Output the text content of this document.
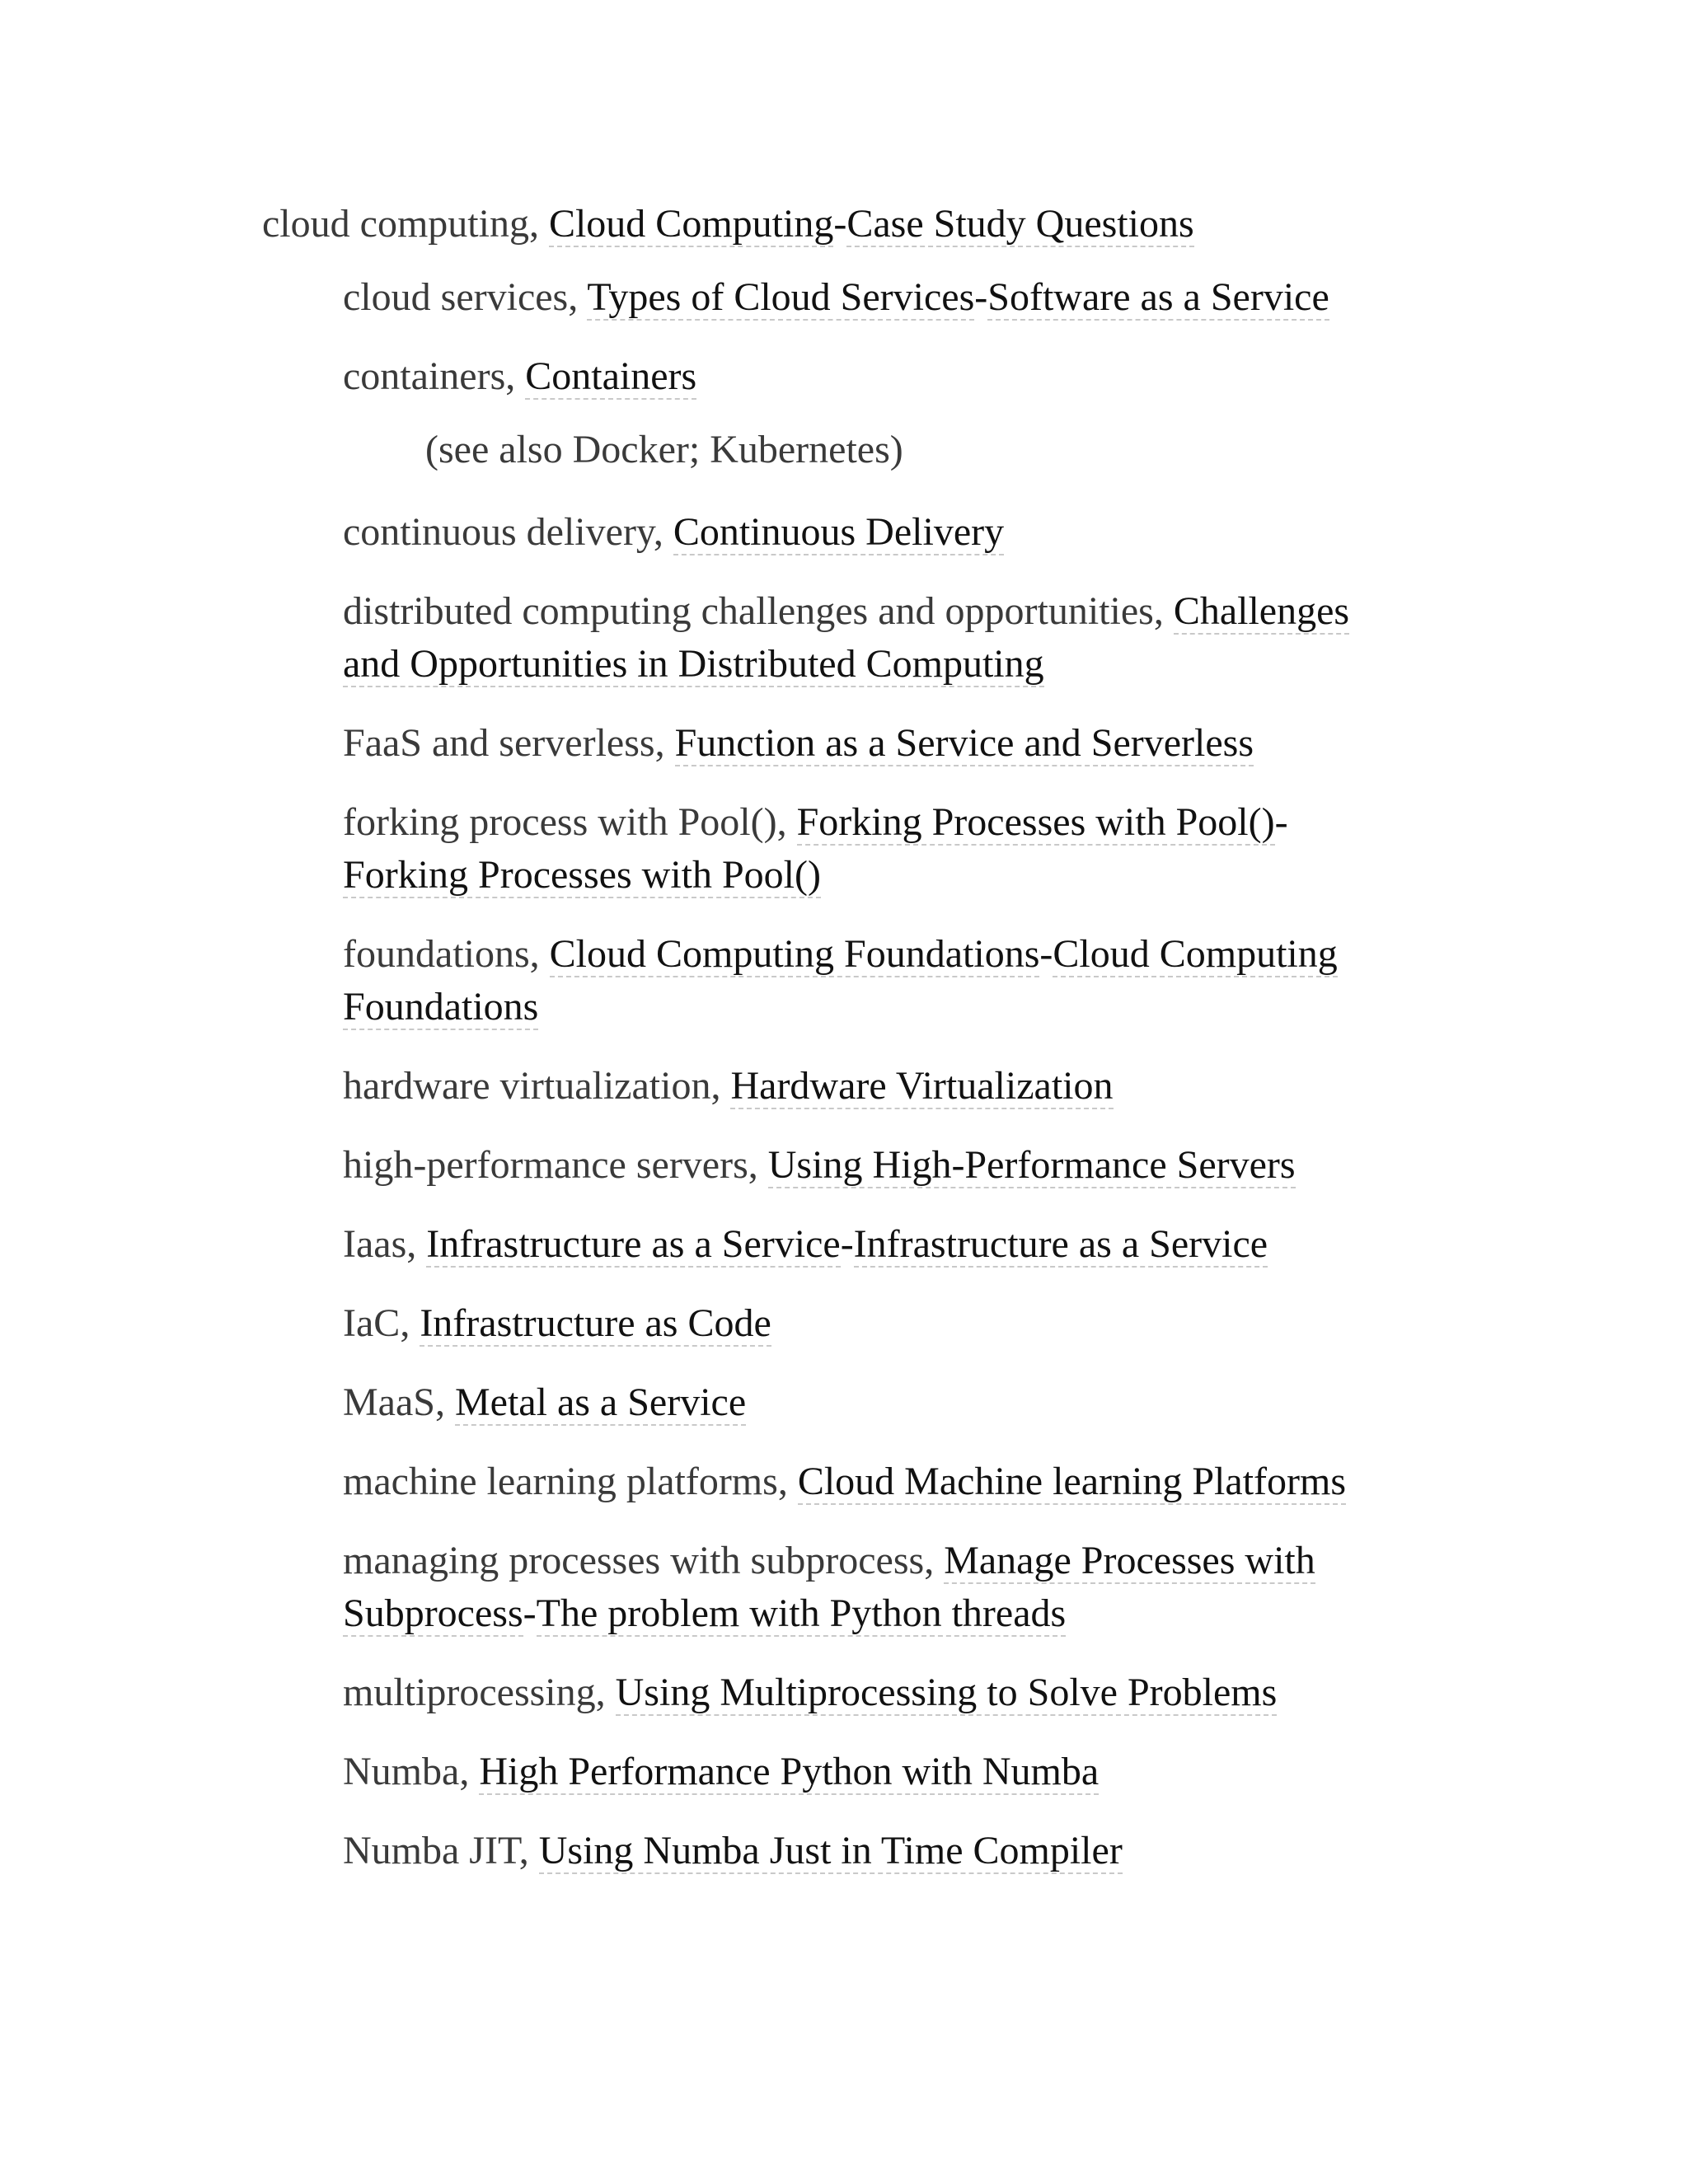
cloud computing, Cloud Computing-Case Study Questions
cloud services, Types of Cloud Services-Software as a Service
containers, Containers
(see also Docker; Kubernetes)
continuous delivery, Continuous Delivery
distributed computing challenges and opportunities, Challenges and Opportunities in Distributed Computing
FaaS and serverless, Function as a Service and Serverless
forking process with Pool(), Forking Processes with Pool()-
Forking Processes with Pool()
foundations, Cloud Computing Foundations-Cloud Computing Foundations
hardware virtualization, Hardware Virtualization
high-performance servers, Using High-Performance Servers
Iaas, Infrastructure as a Service-Infrastructure as a Service
IaC, Infrastructure as Code
MaaS, Metal as a Service
machine learning platforms, Cloud Machine learning Platforms
managing processes with subprocess, Manage Processes with Subprocess-The problem with Python threads
multiprocessing, Using Multiprocessing to Solve Problems
Numba, High Performance Python with Numba
Numba JIT, Using Numba Just in Time Compiler
